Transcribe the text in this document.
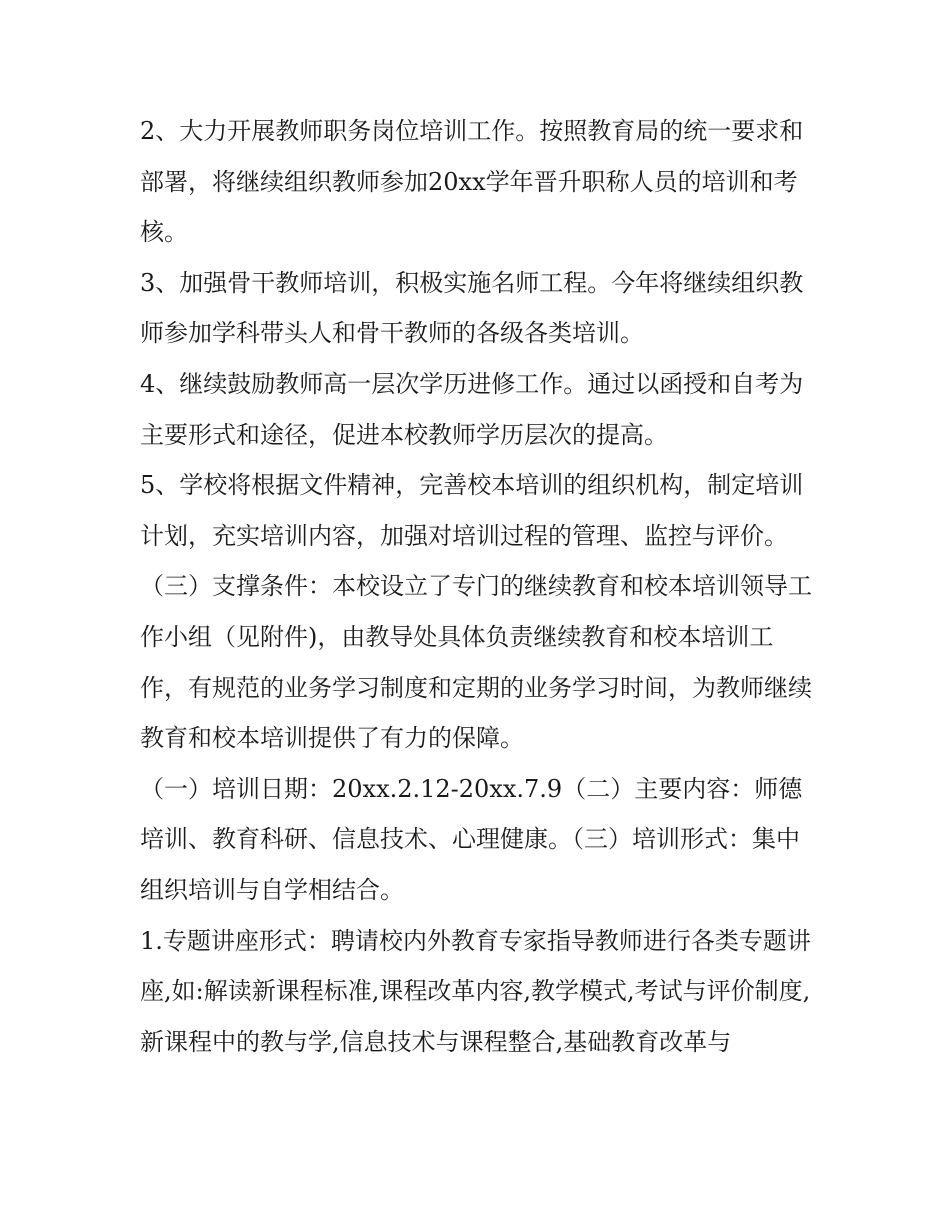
2、大力开展教师职务岗位培训工作。按照教育局的统一要求和部署，将继续组织教师参加20xx学年晋升职称人员的培训和考核。

3、加强骨干教师培训，积极实施名师工程。今年将继续组织教师参加学科带头人和骨干教师的各级各类培训。

4、继续鼓励教师高一层次学历进修工作。通过以函授和自考为主要形式和途径，促进本校教师学历层次的提高。

5、学校将根据文件精神，完善校本培训的组织机构，制定培训计划，充实培训内容，加强对培训过程的管理、监控与评价。

（三）支撑条件：本校设立了专门的继续教育和校本培训领导工作小组（见附件)，由教导处具体负责继续教育和校本培训工作，有规范的业务学习制度和定期的业务学习时间，为教师继续教育和校本培训提供了有力的保障。

（一）培训日期：20xx.2.12-20xx.7.9（二）主要内容：师德培训、教育科研、信息技术、心理健康。（三）培训形式：集中组织培训与自学相结合。

1.专题讲座形式：聘请校内外教育专家指导教师进行各类专题讲座,如:解读新课程标准,课程改革内容,教学模式,考试与评价制度,新课程中的教与学,信息技术与课程整合,基础教育改革与
